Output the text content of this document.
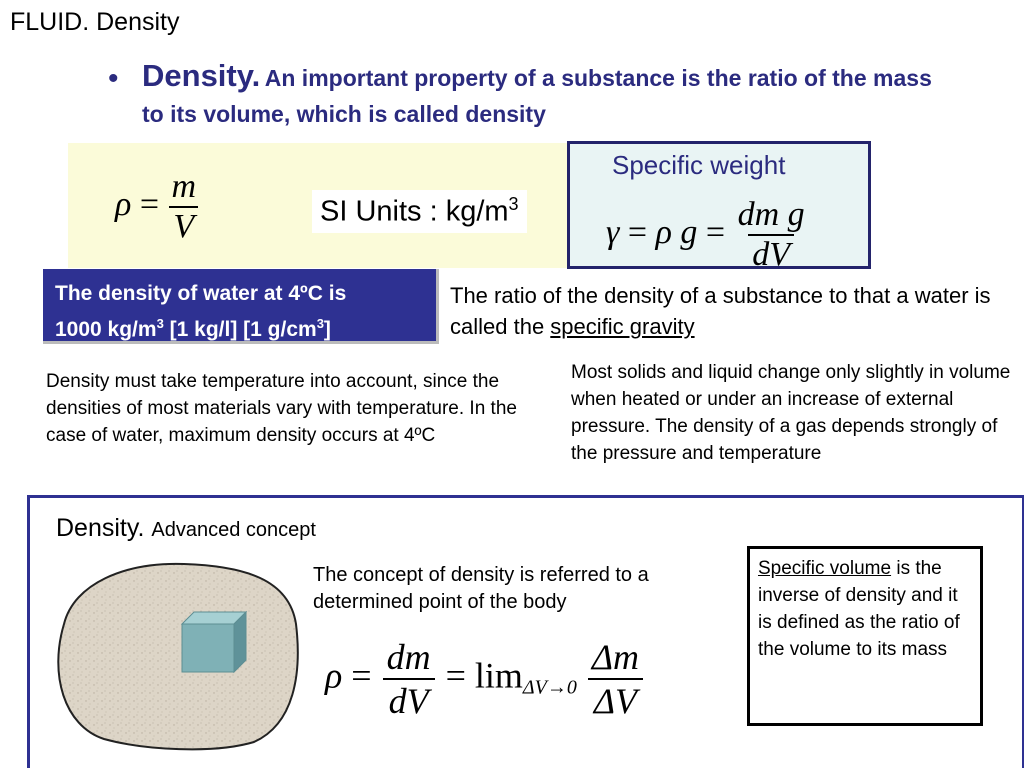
FLUID. Density
• Density. An important property of a substance is the ratio of the mass to its volume, which is called density
$\rho = \frac{m}{V}$	SI Units : $kg/m^3$
Specific weight
γ = ρ $g = \frac{\text{dm g}}{dV}$
The density of water at 4ºC is
1000 $kg/m^3$ [1 kg/l] [1 $g/cm^3$]
The ratio of the density of a substance to that a water is called the specific gravity
Density must take temperature into account, since the densities of most materials vary with temperature. In the case of water, maximum density occurs at 4ºC
Most solids and liquid change only slightly in volume when heated or under an increase of external pressure. The density of a gas depends strongly of the pressure and temperature
Density. Advanced concept
The concept of density is referred to a determined point of the body
$\rho = \frac{dm}{dV} = \lim_{\Delta V\to 0} \frac{\Delta m}{\Delta V}$
Specific volume is the inverse of density and it is defined as the ratio of the volume to its mass
